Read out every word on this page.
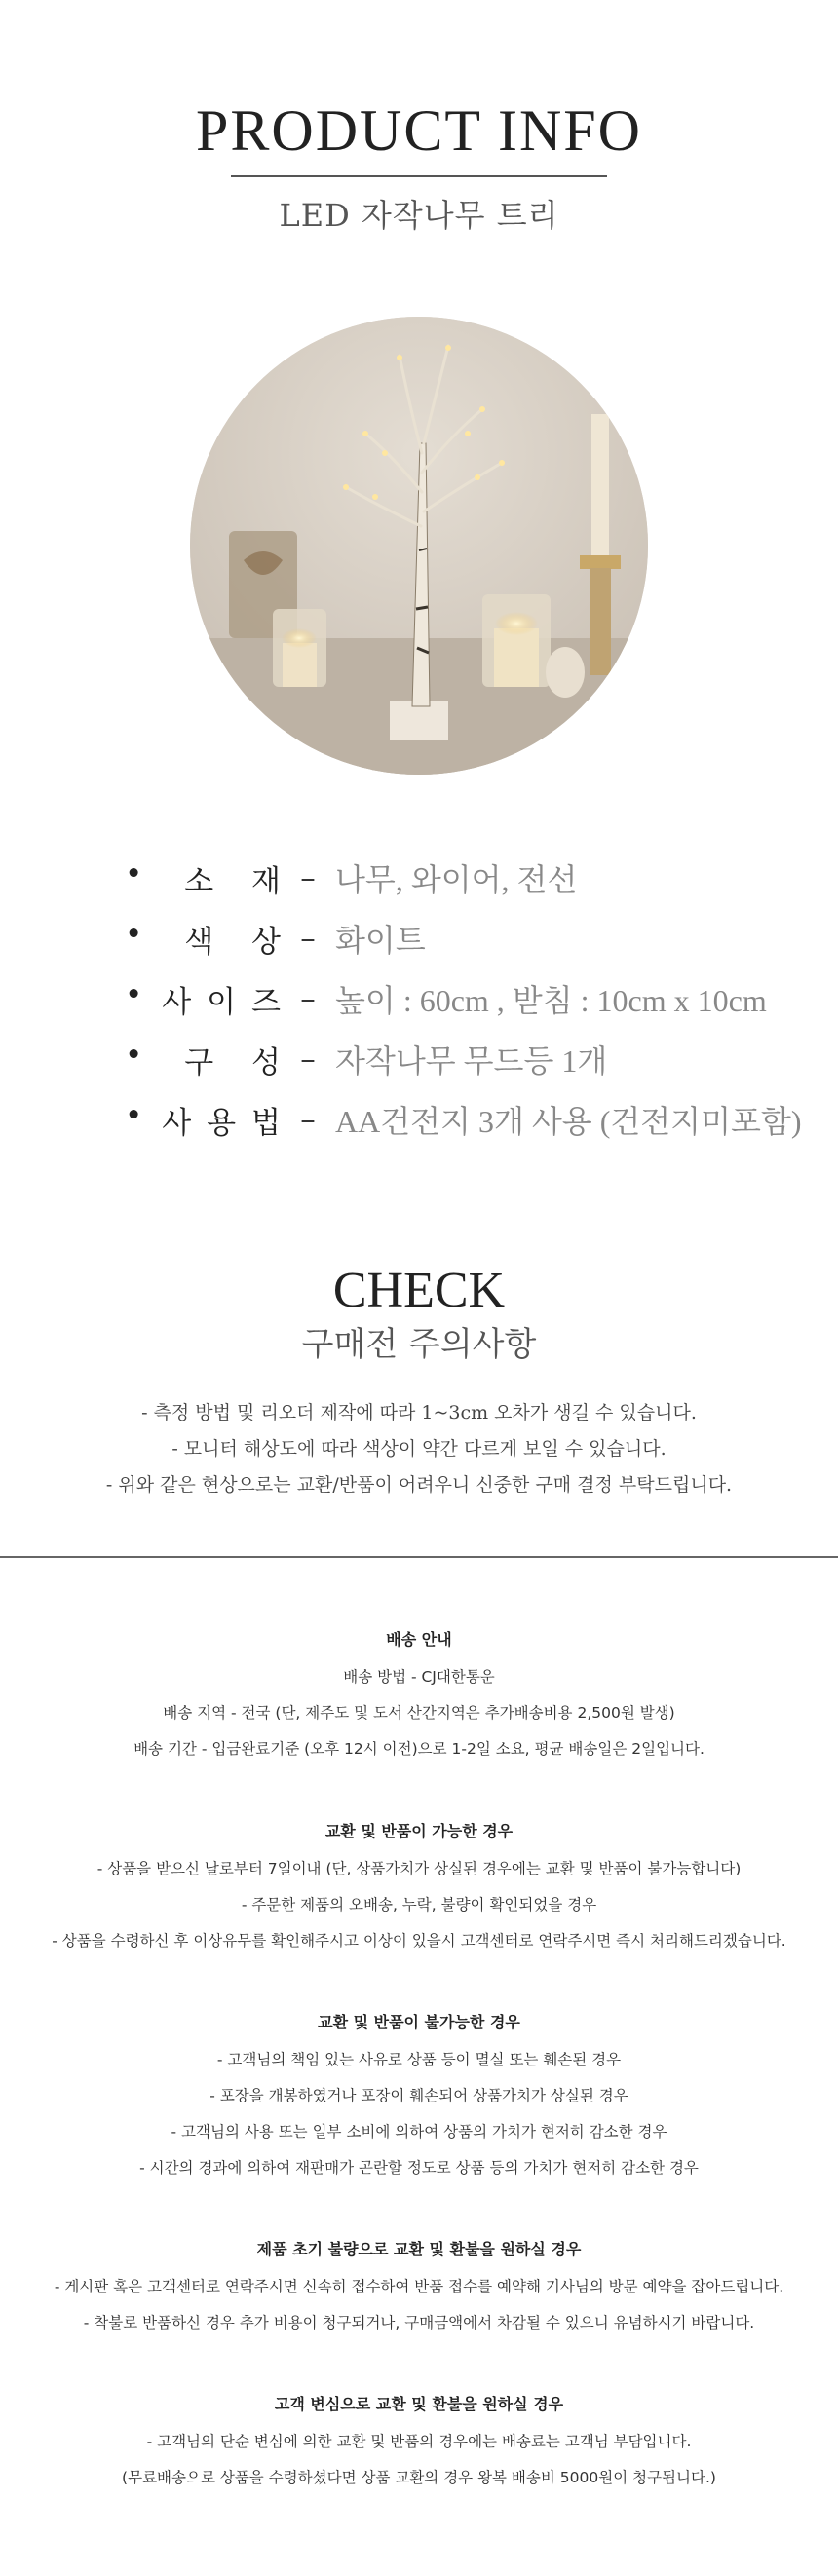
PRODUCT INFO
LED 자작나무 트리
• 소 재 – 나무, 와이어, 전선
• 색 상 – 화이트
• 사 이 즈 – 높이 : 60cm , 받침 : 10cm x 10cm
• 구 성 – 자작나무 무드등 1개
• 사 용 법 – AA건전지 3개 사용 (건전지미포함)
CHECK
구매전 주의사항
- 측정 방법 및 리오더 제작에 따라 1~3cm 오차가 생길 수 있습니다.
- 모니터 해상도에 따라 색상이 약간 다르게 보일 수 있습니다.
- 위와 같은 현상으로는 교환/반품이 어려우니 신중한 구매 결정 부탁드립니다.
배송 안내

배송 방법 - CJ대한통운

배송 지역 - 전국 (단, 제주도 및 도서 산간지역은 추가배송비용 2,500원 발생)

배송 기간 - 입금완료기준 (오후 12시 이전)으로 1-2일 소요, 평균 배송일은 2일입니다.

교환 및 반품이 가능한 경우

- 상품을 받으신 날로부터 7일이내 (단, 상품가치가 상실된 경우에는 교환 및 반품이 불가능합니다)

- 주문한 제품의 오배송, 누락, 불량이 확인되었을 경우

- 상품을 수령하신 후 이상유무를 확인해주시고 이상이 있을시 고객센터로 연락주시면 즉시 처리해드리겠습니다.

교환 및 반품이 불가능한 경우

- 고객님의 책임 있는 사유로 상품 등이 멸실 또는 훼손된 경우

- 포장을 개봉하였거나 포장이 훼손되어 상품가치가 상실된 경우

- 고객님의 사용 또는 일부 소비에 의하여 상품의 가치가 현저히 감소한 경우

- 시간의 경과에 의하여 재판매가 곤란할 정도로 상품 등의 가치가 현저히 감소한 경우

제품 초기 불량으로 교환 및 환불을 원하실 경우

- 게시판 혹은 고객센터로 연락주시면 신속히 접수하여 반품 접수를 예약해 기사님의 방문 예약을 잡아드립니다.

- 착불로 반품하신 경우 추가 비용이 청구되거나, 구매금액에서 차감될 수 있으니 유념하시기 바랍니다.

고객 변심으로 교환 및 환불을 원하실 경우

- 고객님의 단순 변심에 의한 교환 및 반품의 경우에는 배송료는 고객님 부담입니다.

(무료배송으로 상품을 수령하셨다면 상품 교환의 경우 왕복 배송비 5000원이 청구됩니다.)
